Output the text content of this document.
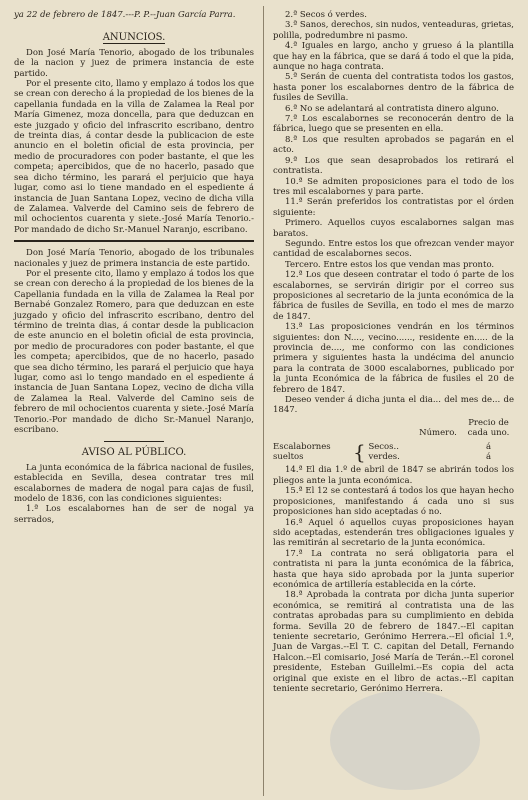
ya 22 de febrero de 1847.---P. P.--Juan García Parra.

ANUNCIOS.

Don José María Tenorio, abogado de los tribunales de la nacion y juez de primera instancia de este partido.

Por el presente cito, llamo y emplazo á todos los que se crean con derecho á la propiedad de los bienes de la capellania fundada en la villa de Zalamea la Real por María Gimenez, moza doncella, para que deduzcan en este juzgado y oficio del infrascrito escribano, dentro de treinta dias, á contar desde la publicacion de este anuncio en el boletin oficial de esta provincia, per medio de procuradores con poder bastante, el que les competa; apercibidos, que de no hacerlo, pasado que sea dicho término, les parará el perjuicio que haya lugar, como asi lo tiene mandado en el espediente á instancia de Juan Santana Lopez, vecino de dicha villa de Zalamea. Valverde del Camino seis de febrero de mil ochocientos cuarenta y siete.-José María Tenorio.-Por mandado de dicho Sr.-Manuel Naranjo, escribano.

Don José María Tenorio, abogado de los tribunales nacionales y juez de primera instancia de este partido.

Por el presente cito, llamo y emplazo á todos los que se crean con derecho á la propiedad de los bienes de la Capellania fundada en la villa de Zalamea la Real por Bernabé Gonzalez Romero, para que deduzcan en este juzgado y oficio del infrascrito escribano, dentro del término de treinta dias, á contar desde la publicacion de este anuncio en el boletin oficial de esta provincia, por medio de procuradores con poder bastante, el que les competa; apercibidos, que de no hacerlo, pasado que sea dicho término, les parará el perjuicio que haya lugar, como asi lo tengo mandado en el espediente á instancia de Juan Santana Lopez, vecino de dicha villa de Zalamea la Real. Valverde del Camino seis de febrero de mil ochocientos cuarenta y siete.-José María Tenorio.-Por mandado de dicho Sr.-Manuel Naranjo, escribano.

AVISO AL PÚBLICO.

La junta económica de la fábrica nacional de fusiles, establecida en Sevilla, desea contratar tres mil escalabornes de madera de nogal para cajas de fusil, modelo de 1836, con las condiciones siguientes:

1.ª Los escalabornes han de ser de nogal ya serrados,

2.ª Secos ó verdes.

3.ª Sanos, derechos, sin nudos, venteaduras, grietas, polilla, podredumbre ni pasmo.

4.ª Iguales en largo, ancho y grueso á la plantilla que hay en la fábrica, que se dará á todo el que la pida, aunque no haga contrata.

5.ª Serán de cuenta del contratista todos los gastos, hasta poner los escalabornes dentro de la fábrica de fusiles de Sevilla.

6.ª No se adelantará al contratista dinero alguno.

7.ª Los escalabornes se reconocerán dentro de la fábrica, luego que se presenten en ella.

8.ª Los que resulten aprobados se pagarán en el acto.

9.ª Los que sean desaprobados los retirará el contratista.

10.ª Se admiten proposiciones para el todo de los tres mil escalabornes y para parte.

11.ª Serán preferidos los contratistas por el órden siguiente:

Primero. Aquellos cuyos escalabornes salgan mas baratos.

Segundo. Entre estos los que ofrezcan vender mayor cantidad de escalabornes secos.

Tercero. Entre estos los que vendan mas pronto.

12.ª Los que deseen contratar el todo ó parte de los escalabornes, se servirán dirigir por el correo sus proposiciones al secretario de la junta económica de la fábrica de fusiles de Sevilla, en todo el mes de marzo de 1847.

13.ª Las proposiciones vendrán en los términos siguientes: don N...., vecino......, residente en..... de la provincia de...., me conformo con las condiciones primera y siguientes hasta la undécima del anuncio para la contrata de 3000 escalabornes, publicado por la junta Económica de la fábrica de fusiles el 20 de febrero de 1847.

Deseo vender á dicha junta el dia... del mes de... de 1847.

Número.
Precio de cada uno.
Escalabornes sueltos	{ Secos..
verdes.
á
á

14.ª El dia 1.º de abril de 1847 se abrirán todos los pliegos ante la junta económica.

15.ª El 12 se contestará á todos los que hayan hecho proposiciones, manifestando á cada uno si sus proposiciones han sido aceptadas ó no.

16.ª Aquel ó aquellos cuyas proposiciones hayan sido aceptadas, estenderán tres obligaciones iguales y las remitirán al secretario de la junta económica.

17.ª La contrata no será obligatoria para el contratista ni para la junta económica de la fábrica, hasta que haya sido aprobada por la junta superior económica de artillería establecida en la córte.

18.ª Aprobada la contrata por dicha junta superior económica, se remitirá al contratista una de las contratas aprobadas para su cumplimiento en debida forma. Sevilla 20 de febrero de 1847.--El capitan teniente secretario, Gerónimo Herrera.--El oficial 1.º, Juan de Vargas.--El T. C. capitan del Detall, Fernando Halcon.--El comisario, José María de Terán.--El coronel presidente, Esteban Guillelmi.--Es copia del acta original que existe en el libro de actas.--El capitan teniente secretario, Gerónimo Herrera.
